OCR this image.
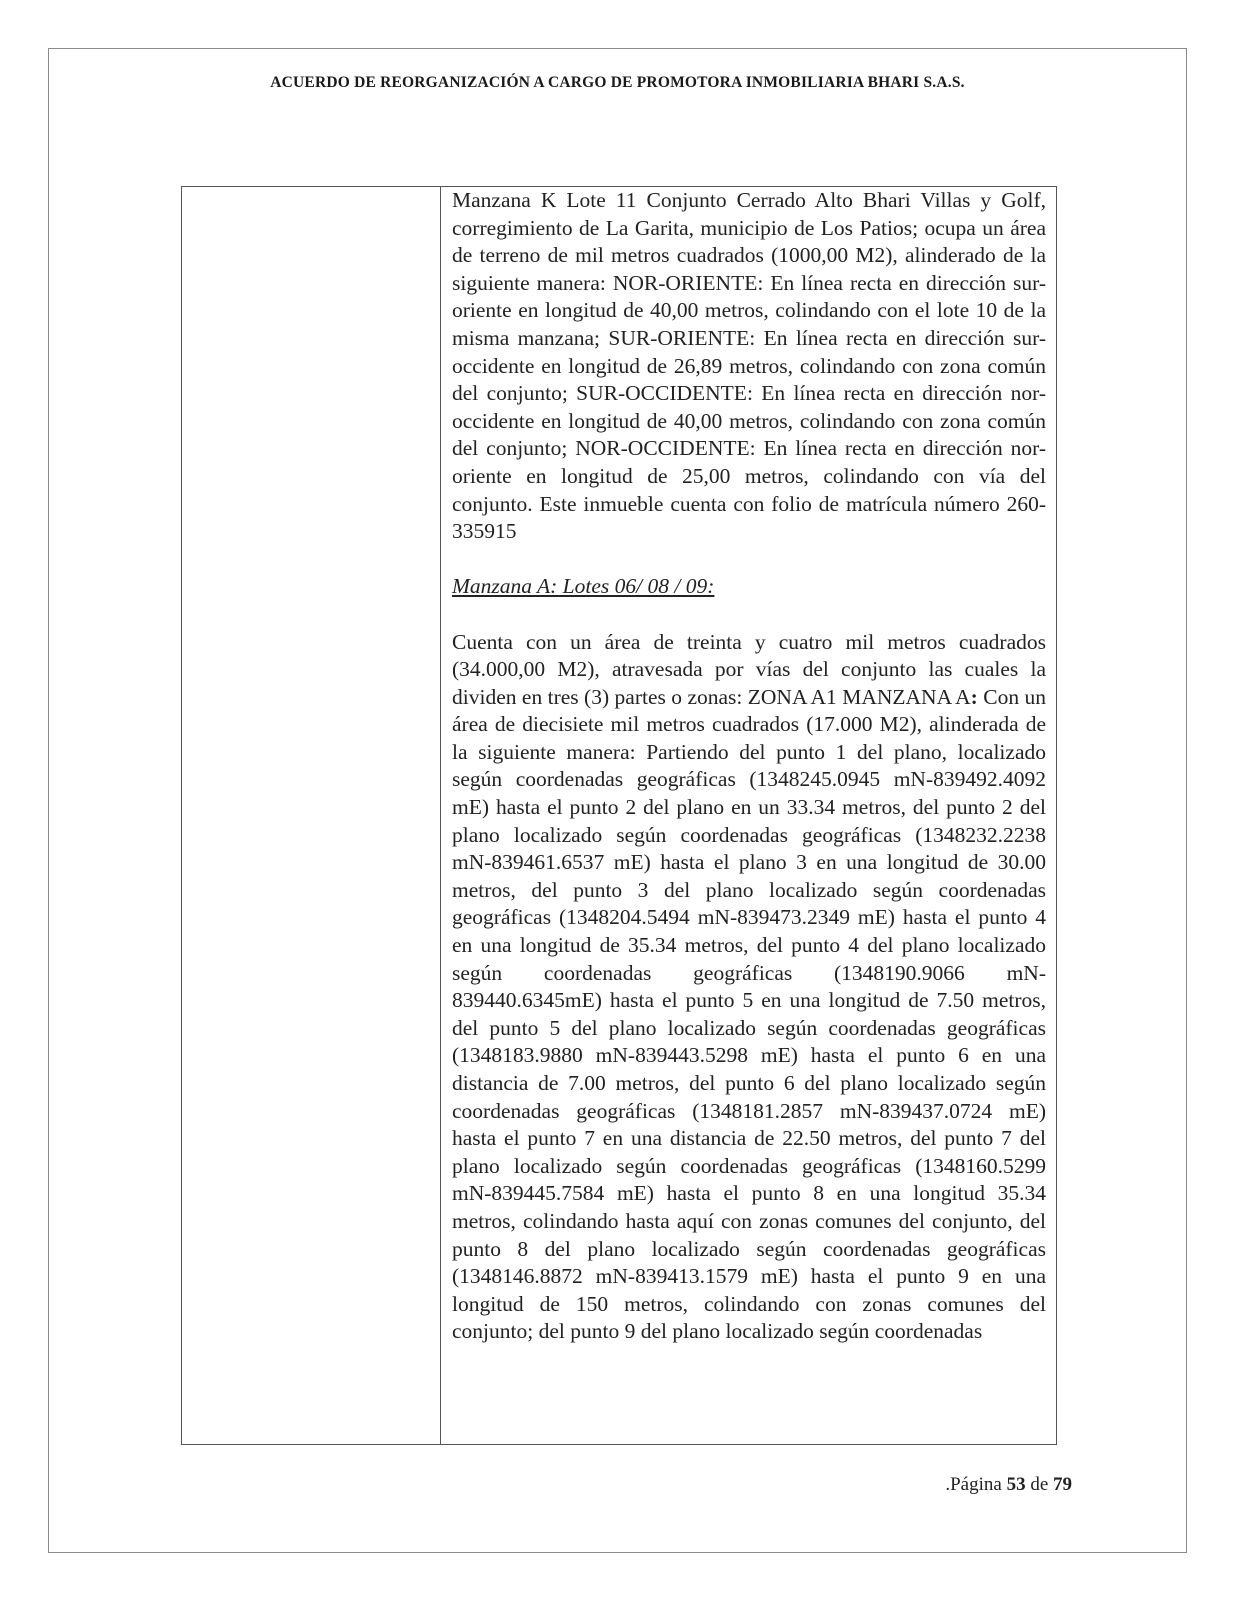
ACUERDO DE REORGANIZACIÓN A CARGO DE PROMOTORA INMOBILIARIA BHARI S.A.S.

Manzana K Lote 11 Conjunto Cerrado Alto Bhari Villas y Golf, corregimiento de La Garita, municipio de Los Patios; ocupa un área de terreno de mil metros cuadrados (1000,00 M2), alinderado de la siguiente manera: NOR-ORIENTE: En línea recta en dirección sur-oriente en longitud de 40,00 metros, colindando con el lote 10 de la misma manzana; SUR-ORIENTE: En línea recta en dirección sur-occidente en longitud de 26,89 metros, colindando con zona común del conjunto; SUR-OCCIDENTE: En línea recta en dirección nor-occidente en longitud de 40,00 metros, colindando con zona común del conjunto; NOR-OCCIDENTE: En línea recta en dirección nor-oriente en longitud de 25,00 metros, colindando con vía del conjunto. Este inmueble cuenta con folio de matrícula número 260-335915

Manzana A: Lotes 06/ 08 / 09:

Cuenta con un área de treinta y cuatro mil metros cuadrados (34.000,00 M2), atravesada por vías del conjunto las cuales la dividen en tres (3) partes o zonas: ZONA A1 MANZANA A: Con un área de diecisiete mil metros cuadrados (17.000 M2), alinderada de la siguiente manera: Partiendo del punto 1 del plano, localizado según coordenadas geográficas (1348245.0945 mN-839492.4092 mE) hasta el punto 2 del plano en un 33.34 metros, del punto 2 del plano localizado según coordenadas geográficas (1348232.2238 mN-839461.6537 mE) hasta el plano 3 en una longitud de 30.00 metros, del punto 3 del plano localizado según coordenadas geográficas (1348204.5494 mN-839473.2349 mE) hasta el punto 4 en una longitud de 35.34 metros, del punto 4 del plano localizado según coordenadas geográficas (1348190.9066 mN-839440.6345mE) hasta el punto 5 en una longitud de 7.50 metros, del punto 5 del plano localizado según coordenadas geográficas (1348183.9880 mN-839443.5298 mE) hasta el punto 6 en una distancia de 7.00 metros, del punto 6 del plano localizado según coordenadas geográficas (1348181.2857 mN-839437.0724 mE) hasta el punto 7 en una distancia de 22.50 metros, del punto 7 del plano localizado según coordenadas geográficas (1348160.5299 mN-839445.7584 mE) hasta el punto 8 en una longitud 35.34 metros, colindando hasta aquí con zonas comunes del conjunto, del punto 8 del plano localizado según coordenadas geográficas (1348146.8872 mN-839413.1579 mE) hasta el punto 9 en una longitud de 150 metros, colindando con zonas comunes del conjunto; del punto 9 del plano localizado según coordenadas

.Página 53 de 79
